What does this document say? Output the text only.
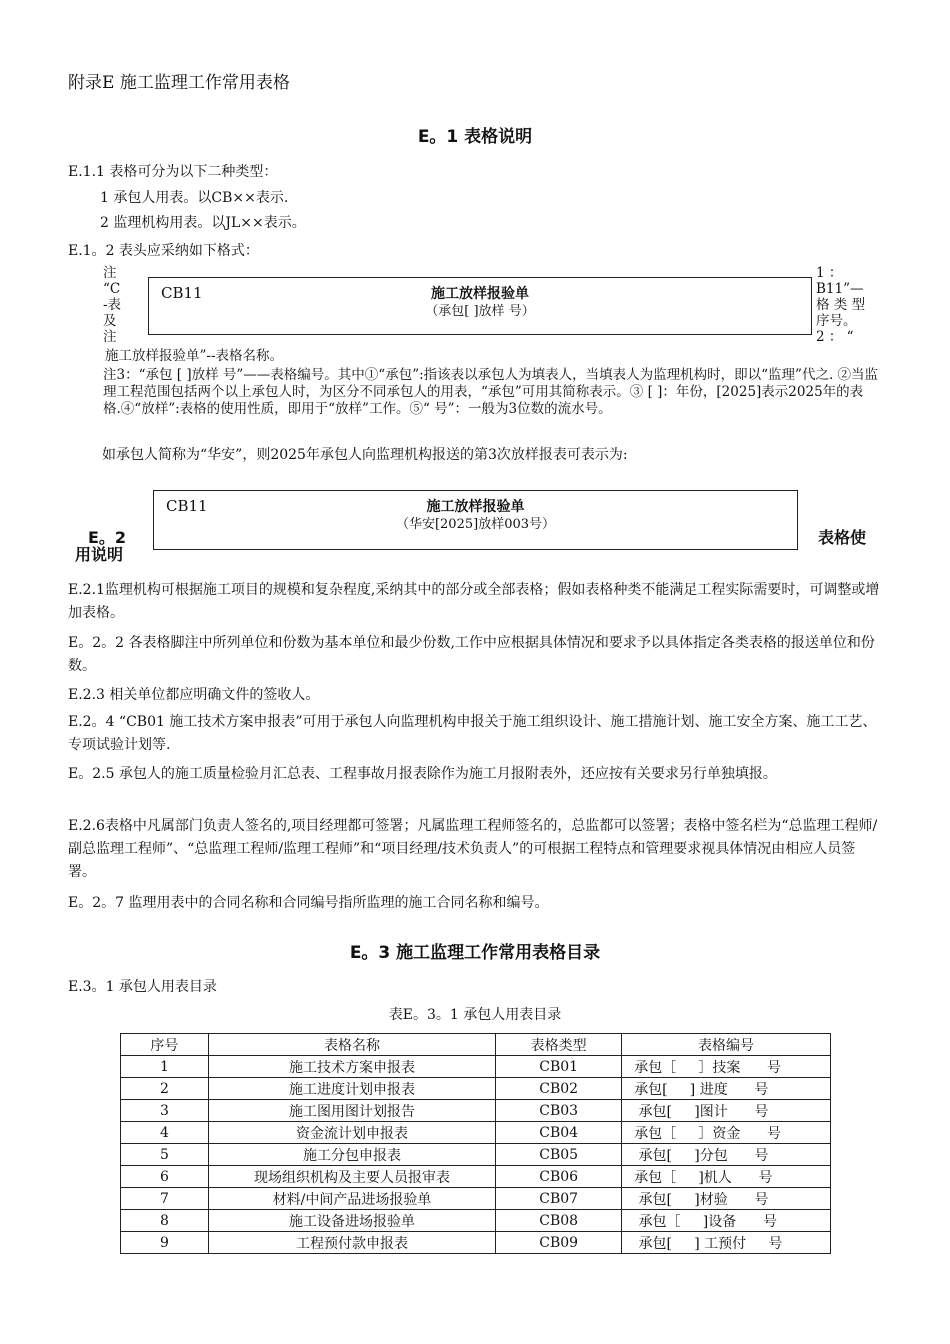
附录E 施工监理工作常用表格
E。1 表格说明
E.1.1 表格可分为以下二种类型：
1 承包人用表。以CB××表示.
2 监理机构用表。以JL××表示。
E.1。2 表头应采纳如下格式：
注
“C
-表
及
注
CB11	施工放样报验单
（承包[ ]放样 号）
1 ：
B11”—
格 类 型
序号。
2 ： “
施工放样报验单”--表格名称。
注3：“承包 [ ]放样 号”——表格编号。其中①“承包”:指该表以承包人为填表人，当填表人为监理机构时，即以“监理”代之. ②当监理工程范围包括两个以上承包人时，为区分不同承包人的用表，“承包”可用其简称表示。③ [ ]：年份，[2025]表示2025年的表格.④“放样”:表格的使用性质，即用于“放样”工作。⑤“ 号”：一般为3位数的流水号。
如承包人简称为“华安”，则2025年承包人向监理机构报送的第3次放样报表可表示为:
CB11	施工放样报验单
（华安[2025]放样003号）
E。2
用说明
表格使
E.2.1监理机构可根据施工项目的规模和复杂程度,采纳其中的部分或全部表格；假如表格种类不能满足工程实际需要时，可调整或增加表格。
E。2。2 各表格脚注中所列单位和份数为基本单位和最少份数,工作中应根据具体情况和要求予以具体指定各类表格的报送单位和份数。
E.2.3 相关单位都应明确文件的签收人。
E.2。4 “CB01 施工技术方案申报表”可用于承包人向监理机构申报关于施工组织设计、施工措施计划、施工安全方案、施工工艺、专项试验计划等.
E。2.5 承包人的施工质量检验月汇总表、工程事故月报表除作为施工月报附表外，还应按有关要求另行单独填报。
E.2.6表格中凡属部门负责人签名的,项目经理都可签署；凡属监理工程师签名的，总监都可以签署；表格中签名栏为“总监理工程师/副总监理工程师”、“总监理工程师/监理工程师”和“项目经理/技术负责人”的可根据工程特点和管理要求视具体情况由相应人员签署。
E。2。7 监理用表中的合同名称和合同编号指所监理的施工合同名称和编号。
E。3 施工监理工作常用表格目录
E.3。1 承包人用表目录
表E。3。1 承包人用表目录
序号	表格名称	表格类型	表格编号
1	施工技术方案申报表	CB01	承包［     ］技案      号
2	施工进度计划申报表	CB02	承包[     ] 进度      号
3	施工图用图计划报告	CB03	承包[     ]图计      号
4	资金流计划申报表	CB04	承包［     ］资金      号
5	施工分包申报表	CB05	承包[     ]分包      号
6	现场组织机构及主要人员报审表	CB06	承包［     ]机人      号
7	材料/中间产品进场报验单	CB07	承包[     ]材验      号
8	施工设备进场报验单	CB08	承包［     ]设备      号
9	工程预付款申报表	CB09	承包[     ] 工预付     号
